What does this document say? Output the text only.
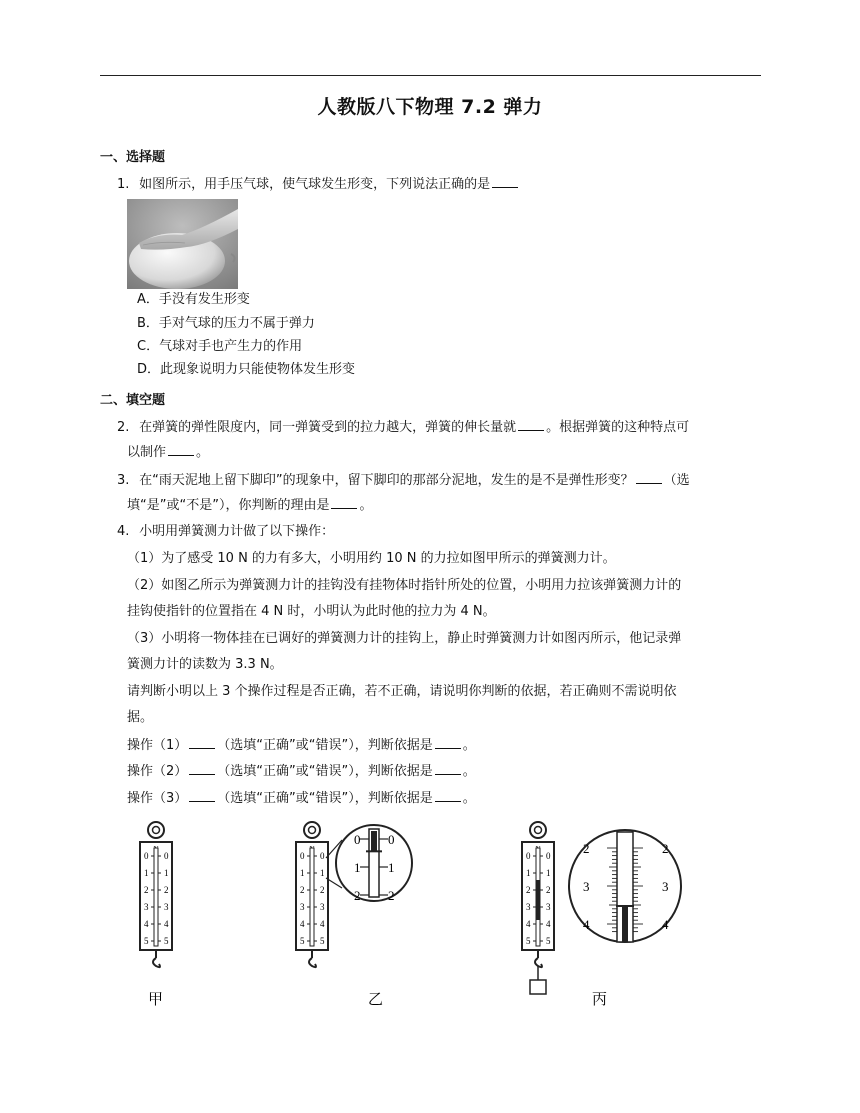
人教版八下物理 7.2 弹力
一、选择题
1. 如图所示，用手压气球，使气球发生形变，下列说法正确的是
A．手没有发生形变
B．手对气球的压力不属于弹力
C．气球对手也产生力的作用
D．此现象说明力只能使物体发生形变
二、填空题
2. 在弹簧的弹性限度内，同一弹簧受到的拉力越大，弹簧的伸长量就 。根据弹簧的这种特点可
以制作 。
3. 在“雨天泥地上留下脚印”的现象中，留下脚印的那部分泥地，发生的是不是弹性形变？ （选
填“是”或“不是”），你判断的理由是 。
4. 小明用弹簧测力计做了以下操作：
（1）为了感受 10 N 的力有多大，小明用约 10 N 的力拉如图甲所示的弹簧测力计。
（2）如图乙所示为弹簧测力计的挂钩没有挂物体时指针所处的位置，小明用力拉该弹簧测力计的
挂钩使指针的位置指在 4 N 时，小明认为此时他的拉力为 4 N。
（3）小明将一物体挂在已调好的弹簧测力计的挂钩上，静止时弹簧测力计如图丙所示，他记录弹
簧测力计的读数为 3.3 N。
请判断小明以上 3 个操作过程是否正确，若不正确，请说明你判断的依据，若正确则不需说明依
据。
操作（1） （选填“正确”或“错误”），判断依据是 。
操作（2） （选填“正确”或“错误”），判断依据是 。
操作（3） （选填“正确”或“错误”），判断依据是 。
0 0
1 1
2 2
3 3
4 4
5 5
0 0
1 1
2 2
3 3
4 4
5 5
0 0
1 1
2 2
0 0
1 1
2 2
3 3
4 4
5 5
2	2
3	3
4	4
甲	乙	丙
